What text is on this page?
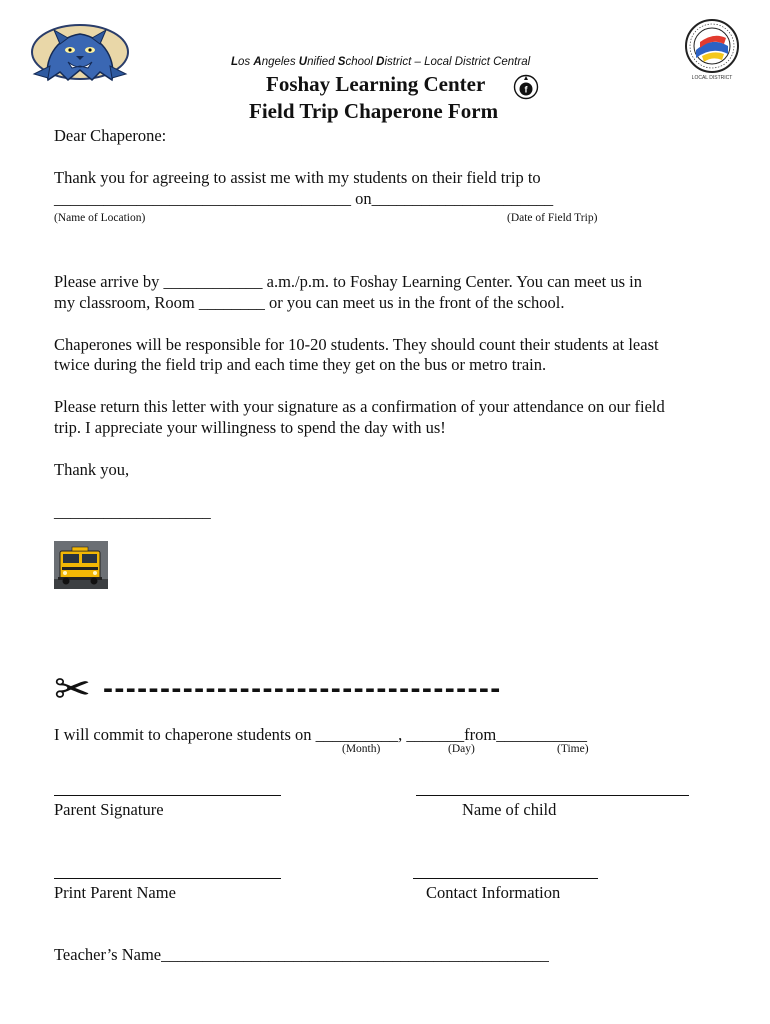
LOCAL DISTRICT
Los Angeles Unified School District – Local District Central
Foshay Learning Center	f
Field Trip Chaperone Form
Dear Chaperone:
Thank you for agreeing to assist me with my students on their field trip to
____________________________________ on______________________
(Name of Location)	(Date of Field Trip)
Please arrive by ____________ a.m./p.m. to Foshay Learning Center. You can meet us in
my classroom, Room ________ or you can meet us in the front of the school.
Chaperones will be responsible for 10-20 students. They should count their students at least
twice during the field trip and each time they get on the bus or metro train.
Please return this letter with your signature as a confirmation of your attendance on our field
trip. I appreciate your willingness to spend the day with us!
Thank you,
___________________
✂ -----------------------------------
I will commit to chaperone students on __________, _______from___________
(Month)	(Day)	(Time)
Parent Signature	Name of child
Print Parent Name	Contact Information
Teacher’s Name_______________________________________________
